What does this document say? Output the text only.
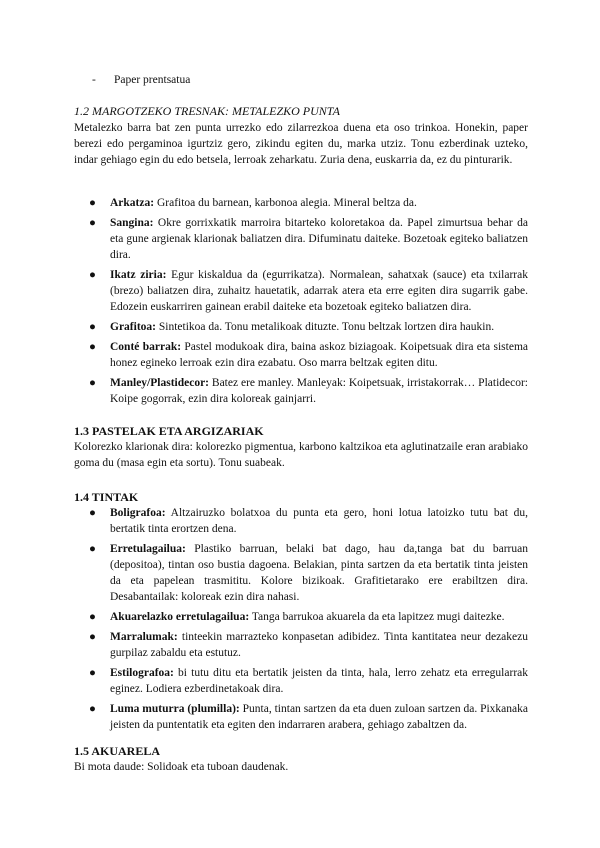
- Paper prentsatua
1.2 MARGOTZEKO TRESNAK: METALEZKO PUNTA

Metalezko barra bat zen punta urrezko edo zilarrezkoa duena eta oso trinkoa. Honekin, paper berezi edo pergaminoa igurtziz gero, zikindu egiten du, marka utziz. Tonu ezberdinak uzteko, indar gehiago egin du edo betsela, lerroak zeharkatu. Zuria dena, euskarria da, ez du pinturarik.

● Arkatza: Grafitoa du barnean, karbonoa alegia. Mineral beltza da.
● Sangina: Okre gorrixkatik marroira bitarteko koloretakoa da. Papel zimurtsua behar da eta gune argienak klarionak baliatzen dira. Difuminatu daiteke. Bozetoak egiteko baliatzen dira.
● Ikatz ziria: Egur kiskaldua da (egurrikatza). Normalean, sahatxak (sauce) eta txilarrak (brezo) baliatzen dira, zuhaitz hauetatik, adarrak atera eta erre egiten dira sugarrik gabe. Edozein euskarriren gainean erabil daiteke eta bozetoak egiteko baliatzen dira.
● Grafitoa: Sintetikoa da. Tonu metalikoak dituzte. Tonu beltzak lortzen dira haukin.
● Conté barrak: Pastel modukoak dira, baina askoz biziagoak. Koipetsuak dira eta sistema honez egineko lerroak ezin dira ezabatu. Oso marra beltzak egiten ditu.
● Manley/Plastidecor: Batez ere manley. Manleyak: Koipetsuak, irristakorrak… Platidecor: Koipe gogorrak, ezin dira koloreak gainjarri.
1.3 PASTELAK ETA ARGIZARIAK

Kolorezko klarionak dira: kolorezko pigmentua, karbono kaltzikoa eta aglutinatzaile eran arabiako goma du (masa egin eta sortu). Tonu suabeak.

1.4 TINTAK
● Boligrafoa: Altzairuzko bolatxoa du punta eta gero, honi lotua latoizko tutu bat du, bertatik tinta erortzen dena.
● Erretulagailua: Plastiko barruan, belaki bat dago, hau da,tanga bat du barruan (depositoa), tintan oso bustia dagoena. Belakian, pinta sartzen da eta bertatik tinta jeisten da eta papelean trasmititu. Kolore bizikoak. Grafitietarako ere erabiltzen dira. Desabantailak: koloreak ezin dira nahasi.
● Akuarelazko erretulagailua: Tanga barrukoa akuarela da eta lapitzez mugi daitezke.
● Marralumak: tinteekin marrazteko konpasetan adibidez. Tinta kantitatea neur dezakezu gurpilaz zabaldu eta estutuz.
● Estilografoa: bi tutu ditu eta bertatik jeisten da tinta, hala, lerro zehatz eta erregularrak eginez. Lodiera ezberdinetakoak dira.
● Luma muturra (plumilla): Punta, tintan sartzen da eta duen zuloan sartzen da. Pixkanaka jeisten da puntentatik eta egiten den indarraren arabera, gehiago zabaltzen da.
1.5 AKUARELA

Bi mota daude: Solidoak eta tuboan daudenak.
